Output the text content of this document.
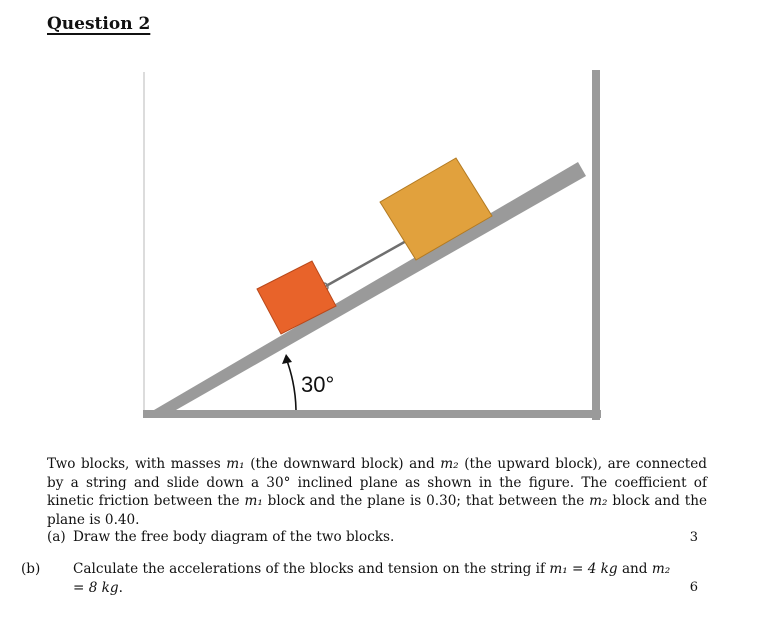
Question 2
30°
Two blocks, with masses m₁ (the downward block) and m₂ (the upward block), are connected by a string and slide down a 30° inclined plane as shown in the figure. The coefficient of kinetic friction between the m₁ block and the plane is 0.30; that between the m₂ block and the plane is 0.40.
(a) Draw the free body diagram of the two blocks.	3
(b) Calculate the accelerations of the blocks and tension on the string if m₁ = 4 kg and m₂ = 8 kg.	6
